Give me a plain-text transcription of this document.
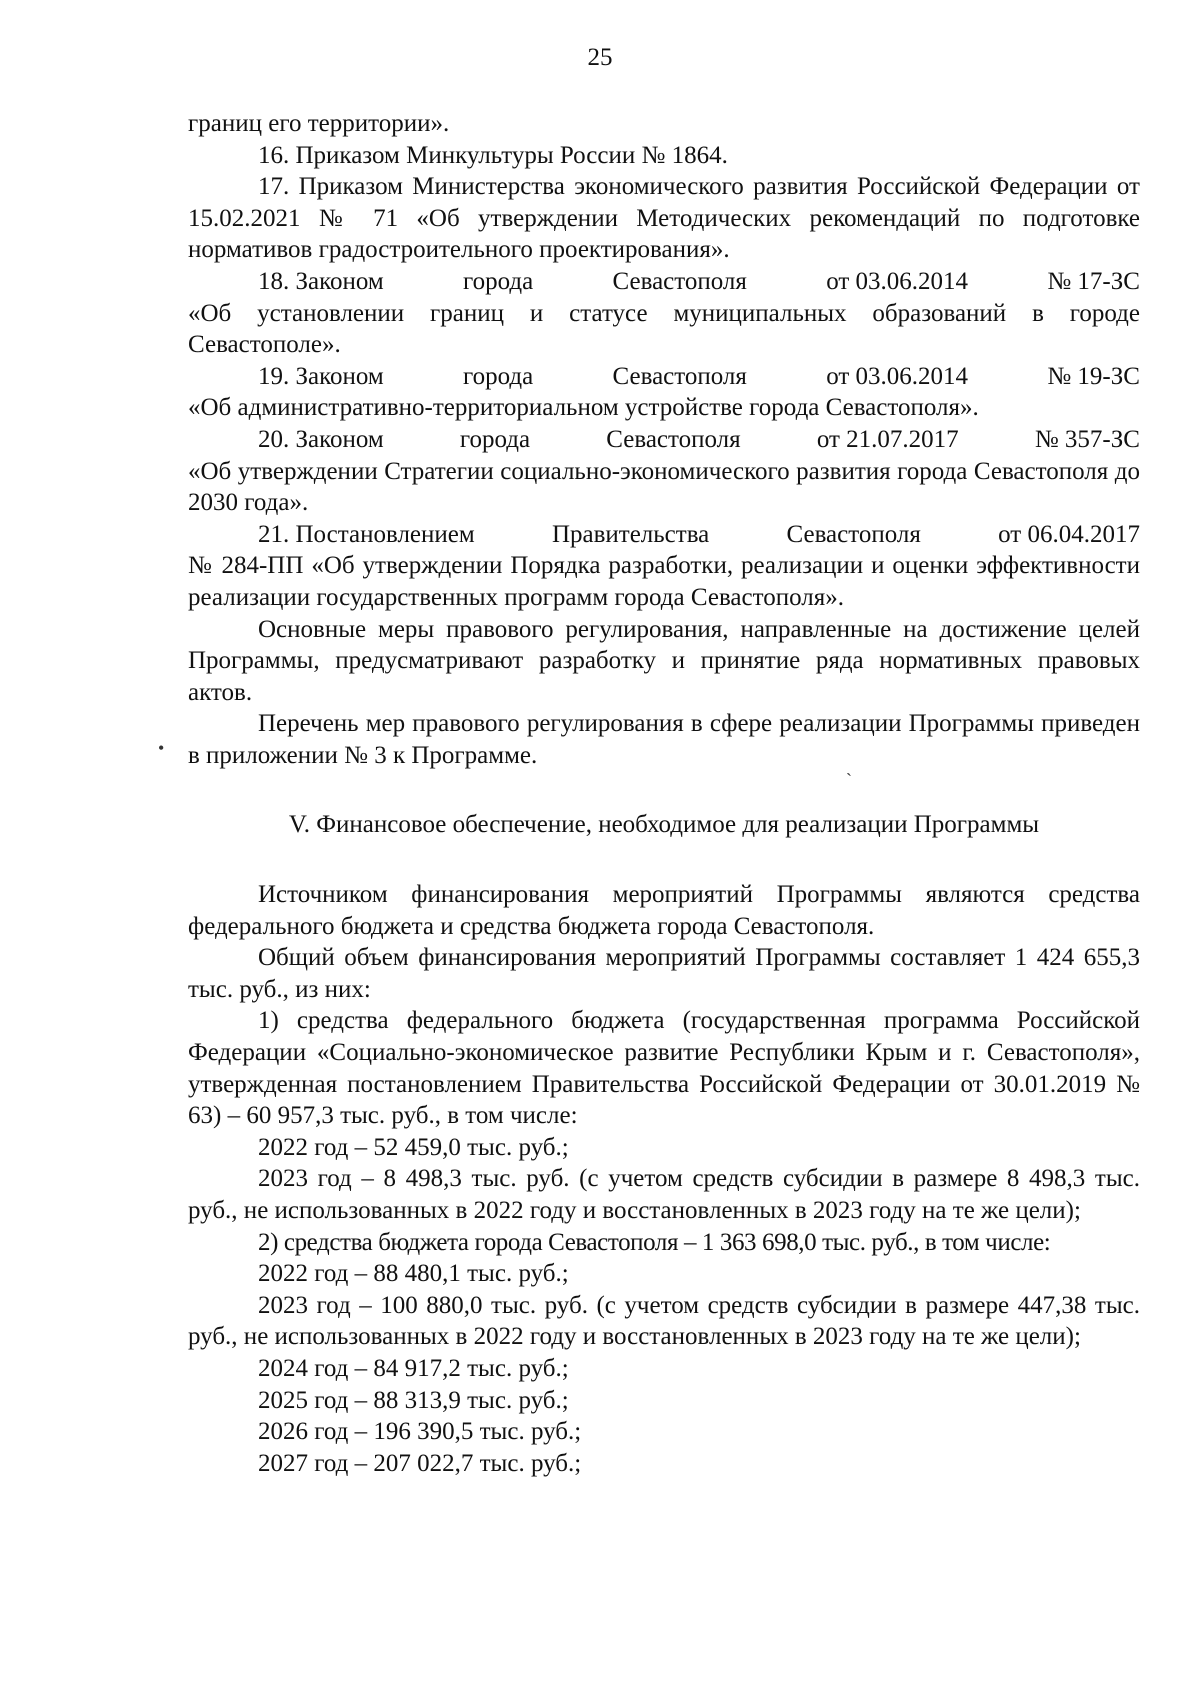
25

границ его территории».

16. Приказом Минкультуры России № 1864.

17. Приказом Министерства экономического развития Российской Федерации от 15.02.2021 № 71 «Об утверждении Методических рекомендаций по подготовке нормативов градостроительного проектирования».

18. Законом	города	Севастополя	от 03.06.2014	№ 17-ЗС

«Об установлении границ и статусе муниципальных образований в городе Севастополе».

19. Законом	города	Севастополя	от 03.06.2014	№ 19-ЗС

«Об административно-территориальном устройстве города Севастополя».

20. Законом	города	Севастополя	от 21.07.2017	№ 357-ЗС

«Об утверждении Стратегии социально-экономического развития города Севастополя до 2030 года».

21. Постановлением	Правительства	Севастополя	от 06.04.2017

№ 284-ПП «Об утверждении Порядка разработки, реализации и оценки эффективности реализации государственных программ города Севастополя».

Основные меры правового регулирования, направленные на достижение целей Программы, предусматривают разработку и принятие ряда нормативных правовых актов.

Перечень мер правового регулирования в сфере реализации Программы приведен в приложении № 3 к Программе.

V. Финансовое обеспечение, необходимое для реализации Программы

Источником финансирования мероприятий Программы являются средства федерального бюджета и средства бюджета города Севастополя.

Общий объем финансирования мероприятий Программы составляет 1 424 655,3 тыс. руб., из них:

1) средства федерального бюджета (государственная программа Российской Федерации «Социально-экономическое развитие Республики Крым и г. Севастополя», утвержденная постановлением Правительства Российской Федерации от 30.01.2019 № 63) – 60 957,3 тыс. руб., в том числе:

2022 год – 52 459,0 тыс. руб.;

2023 год – 8 498,3 тыс. руб. (с учетом средств субсидии в размере 8 498,3 тыс. руб., не использованных в 2022 году и восстановленных в 2023 году на те же цели);

2) средства бюджета города Севастополя – 1 363 698,0 тыс. руб., в том числе:

2022 год – 88 480,1 тыс. руб.;

2023 год – 100 880,0 тыс. руб. (с учетом средств субсидии в размере 447,38 тыс. руб., не использованных в 2022 году и восстановленных в 2023 году на те же цели);

2024 год – 84 917,2 тыс. руб.;

2025 год – 88 313,9 тыс. руб.;

2026 год – 196 390,5 тыс. руб.;

2027 год – 207 022,7 тыс. руб.;

•
`
